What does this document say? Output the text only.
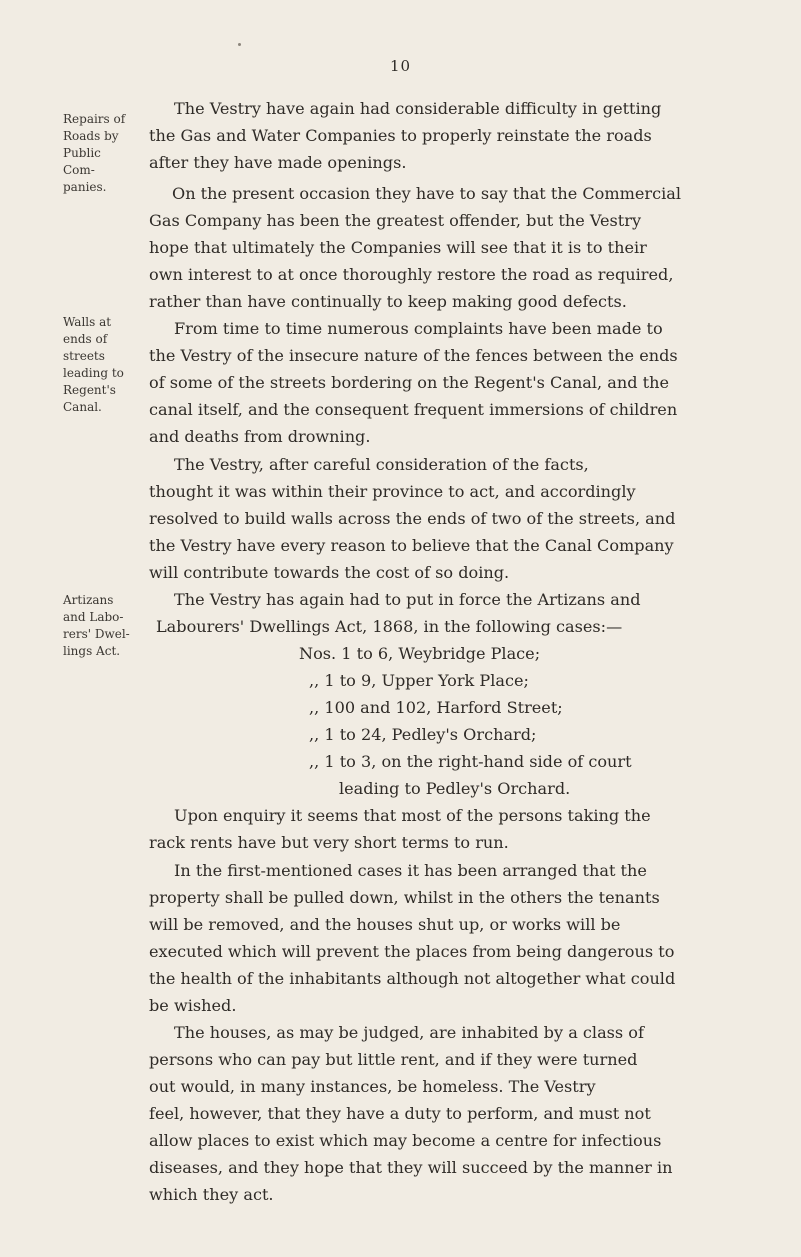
10
Repairs of
Roads by
Public
Com-
panies.
Walls at
ends of
streets
leading to
Regent's
Canal.
Artizans
and Labo-
rers' Dwel-
lings Act.
The Vestry have again had considerable difficulty in getting
the Gas and Water Companies to properly reinstate the roads
after they have made openings.
On the present occasion they have to say that the Commercial
Gas Company has been the greatest offender, but the Vestry
hope that ultimately the Companies will see that it is to their
own interest to at once thoroughly restore the road as required,
rather than have continually to keep making good defects.
From time to time numerous complaints have been made to
the Vestry of the insecure nature of the fences between the ends
of some of the streets bordering on the Regent's Canal, and the
canal itself, and the consequent frequent immersions of children
and deaths from drowning.
The Vestry, after careful consideration of the facts,
thought it was within their province to act, and accordingly
resolved to build walls across the ends of two of the streets, and
the Vestry have every reason to believe that the Canal Company
will contribute towards the cost of so doing.
The Vestry has again had to put in force the Artizans and
Labourers' Dwellings Act, 1868, in the following cases:—
Nos. 1 to 6, Weybridge Place;
,, 1 to 9, Upper York Place;
,, 100 and 102, Harford Street;
,, 1 to 24, Pedley's Orchard;
,, 1 to 3, on the right-hand side of court
leading to Pedley's Orchard.
Upon enquiry it seems that most of the persons taking the
rack rents have but very short terms to run.
In the first-mentioned cases it has been arranged that the
property shall be pulled down, whilst in the others the tenants
will be removed, and the houses shut up, or works will be
executed which will prevent the places from being dangerous to
the health of the inhabitants although not altogether what could
be wished.
The houses, as may be judged, are inhabited by a class of
persons who can pay but little rent, and if they were turned
out would, in many instances, be homeless. The Vestry
feel, however, that they have a duty to perform, and must not
allow places to exist which may become a centre for infectious
diseases, and they hope that they will succeed by the manner in
which they act.
